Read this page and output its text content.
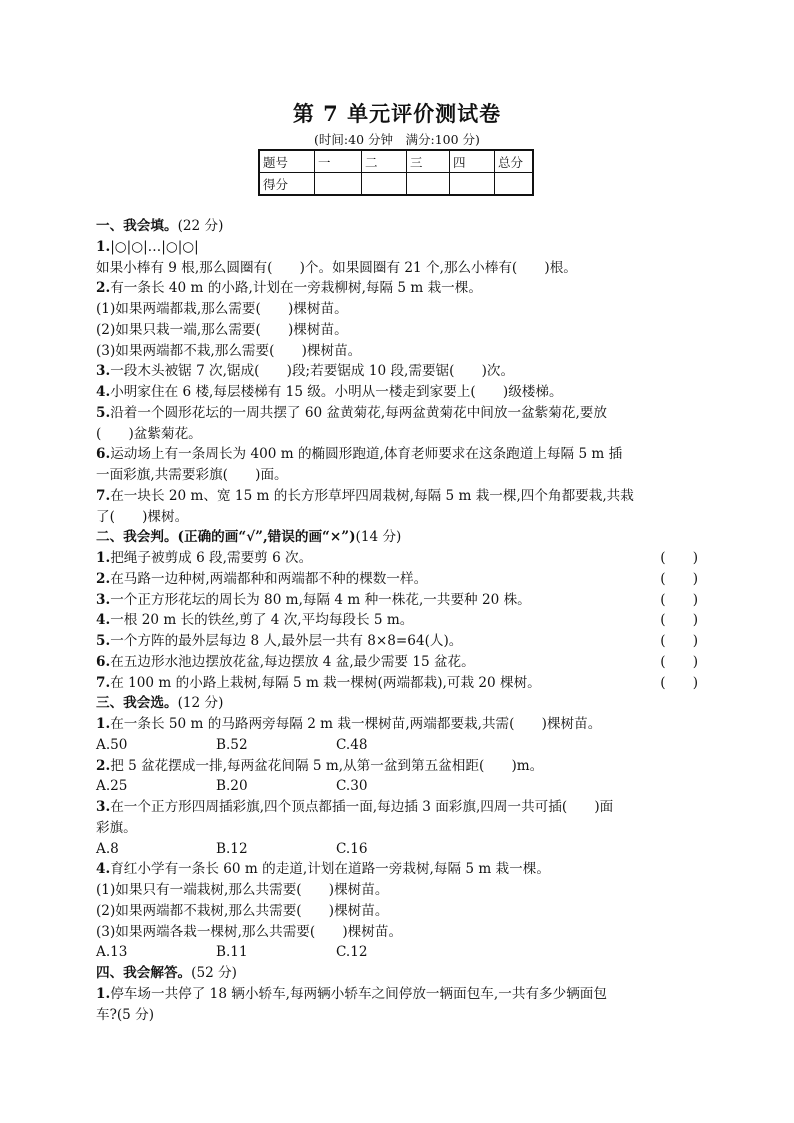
第 7 单元评价测试卷
(时间:40 分钟　满分:100 分)
题号	一	二	三	四	总分
得分					
一、我会填。(22 分)
1.|○|○|…|○|○|
如果小棒有 9 根,那么圆圈有(　　)个。如果圆圈有 21 个,那么小棒有(　　)根。
2.有一条长 40 m 的小路,计划在一旁栽柳树,每隔 5 m 栽一棵。
(1)如果两端都栽,那么需要(　　)棵树苗。
(2)如果只栽一端,那么需要(　　)棵树苗。
(3)如果两端都不栽,那么需要(　　)棵树苗。
3.一段木头被锯 7 次,锯成(　　)段;若要锯成 10 段,需要锯(　　)次。
4.小明家住在 6 楼,每层楼梯有 15 级。小明从一楼走到家要上(　　)级楼梯。
5.沿着一个圆形花坛的一周共摆了 60 盆黄菊花,每两盆黄菊花中间放一盆紫菊花,要放
(　　)盆紫菊花。
6.运动场上有一条周长为 400 m 的椭圆形跑道,体育老师要求在这条跑道上每隔 5 m 插
一面彩旗,共需要彩旗(　　)面。
7.在一块长 20 m、宽 15 m 的长方形草坪四周栽树,每隔 5 m 栽一棵,四个角都要栽,共栽
了(　　)棵树。
二、我会判。(正确的画“√”,错误的画“×”)(14 分)
1.把绳子被剪成 6 段,需要剪 6 次。	(　　)
2.在马路一边种树,两端都种和两端都不种的棵数一样。	(　　)
3.一个正方形花坛的周长为 80 m,每隔 4 m 种一株花,一共要种 20 株。	(　　)
4.一根 20 m 长的铁丝,剪了 4 次,平均每段长 5 m。	(　　)
5.一个方阵的最外层每边 8 人,最外层一共有 8×8=64(人)。	(　　)
6.在五边形水池边摆放花盆,每边摆放 4 盆,最少需要 15 盆花。	(　　)
7.在 100 m 的小路上栽树,每隔 5 m 栽一棵树(两端都栽),可栽 20 棵树。	(　　)
三、我会选。(12 分)
1.在一条长 50 m 的马路两旁每隔 2 m 栽一棵树苗,两端都要栽,共需(　　)棵树苗。
A.50	B.52	C.48
2.把 5 盆花摆成一排,每两盆花间隔 5 m,从第一盆到第五盆相距(　　)m。
A.25	B.20	C.30
3.在一个正方形四周插彩旗,四个顶点都插一面,每边插 3 面彩旗,四周一共可插(　　)面
彩旗。
A.8	B.12	C.16
4.育红小学有一条长 60 m 的走道,计划在道路一旁栽树,每隔 5 m 栽一棵。
(1)如果只有一端栽树,那么共需要(　　)棵树苗。
(2)如果两端都不栽树,那么共需要(　　)棵树苗。
(3)如果两端各栽一棵树,那么共需要(　　)棵树苗。
A.13	B.11	C.12
四、我会解答。(52 分)
1.停车场一共停了 18 辆小轿车,每两辆小轿车之间停放一辆面包车,一共有多少辆面包
车?(5 分)
